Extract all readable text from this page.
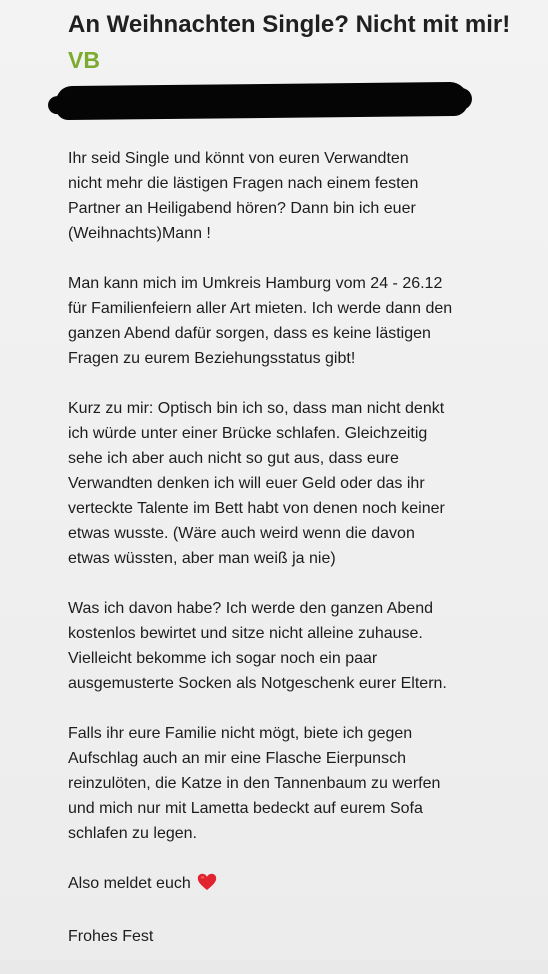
An Weihnachten Single? Nicht mit mir!
VB
Ihr seid Single und könnt von euren Verwandten
nicht mehr die lästigen Fragen nach einem festen
Partner an Heiligabend hören? Dann bin ich euer
(Weihnachts)Mann !
Man kann mich im Umkreis Hamburg vom 24 - 26.12
für Familienfeiern aller Art mieten. Ich werde dann den
ganzen Abend dafür sorgen, dass es keine lästigen
Fragen zu eurem Beziehungsstatus gibt!
Kurz zu mir: Optisch bin ich so, dass man nicht denkt
ich würde unter einer Brücke schlafen. Gleichzeitig
sehe ich aber auch nicht so gut aus, dass eure
Verwandten denken ich will euer Geld oder das ihr
verteckte Talente im Bett habt von denen noch keiner
etwas wusste. (Wäre auch weird wenn die davon
etwas wüssten, aber man weiß ja nie)
Was ich davon habe? Ich werde den ganzen Abend
kostenlos bewirtet und sitze nicht alleine zuhause.
Vielleicht bekomme ich sogar noch ein paar
ausgemusterte Socken als Notgeschenk eurer Eltern.
Falls ihr eure Familie nicht mögt, biete ich gegen
Aufschlag auch an mir eine Flasche Eierpunsch
reinzulöten, die Katze in den Tannenbaum zu werfen
und mich nur mit Lametta bedeckt auf eurem Sofa
schlafen zu legen.
Also meldet euch
Frohes Fest
